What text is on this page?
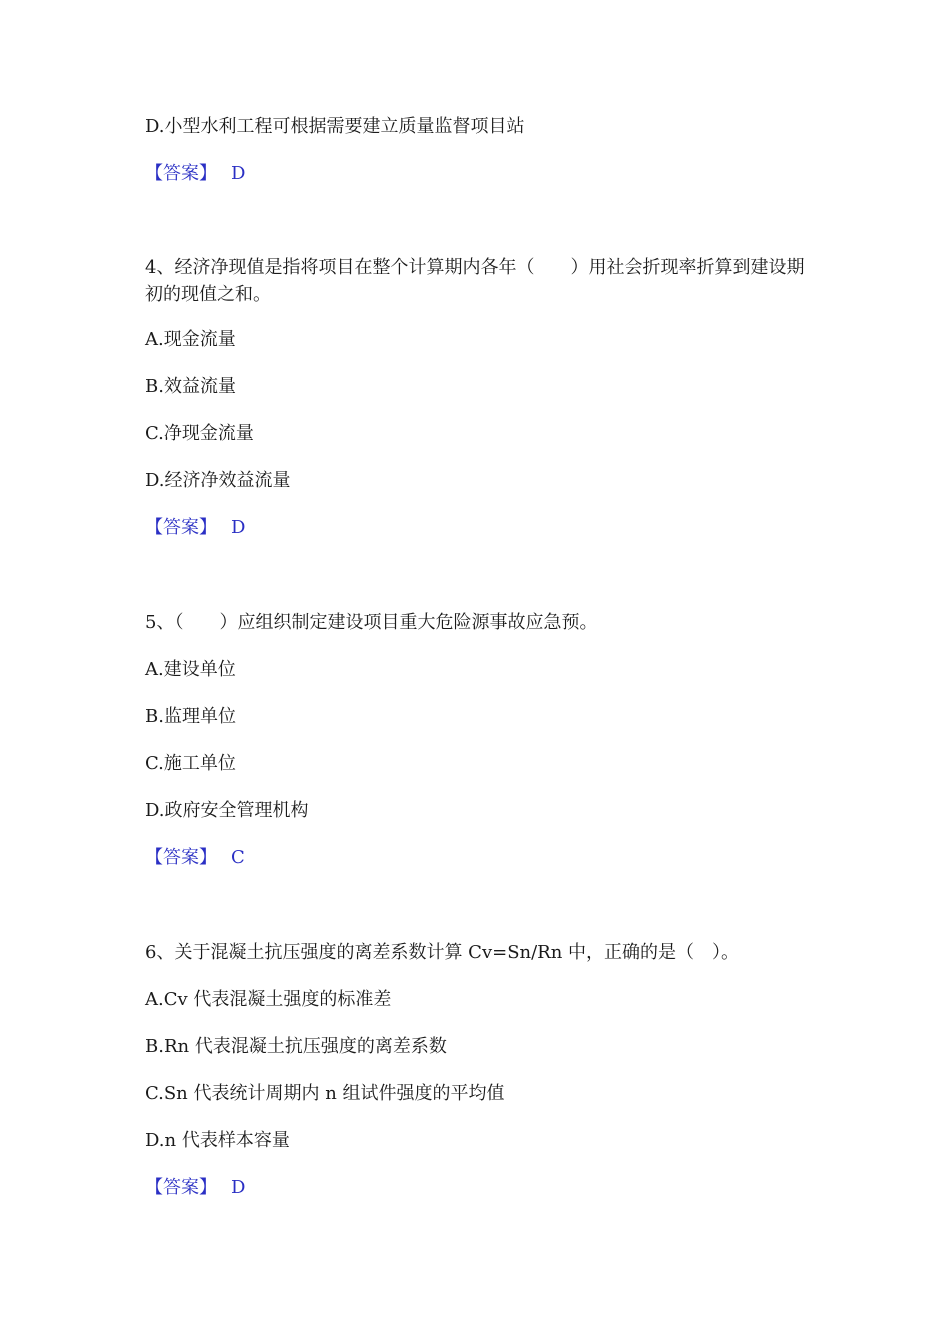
D.小型水利工程可根据需要建立质量监督项目站
【答案】 D
4、经济净现值是指将项目在整个计算期内各年（　　）用社会折现率折算到建设期初的现值之和。
A.现金流量
B.效益流量
C.净现金流量
D.经济净效益流量
【答案】 D
5、（　　）应组织制定建设项目重大危险源事故应急预。
A.建设单位
B.监理单位
C.施工单位
D.政府安全管理机构
【答案】 C
6、关于混凝土抗压强度的离差系数计算 Cv=Sn/Rn 中，正确的是（　）。
A.Cv 代表混凝土强度的标准差
B.Rn 代表混凝土抗压强度的离差系数
C.Sn 代表统计周期内 n 组试件强度的平均值
D.n 代表样本容量
【答案】 D
